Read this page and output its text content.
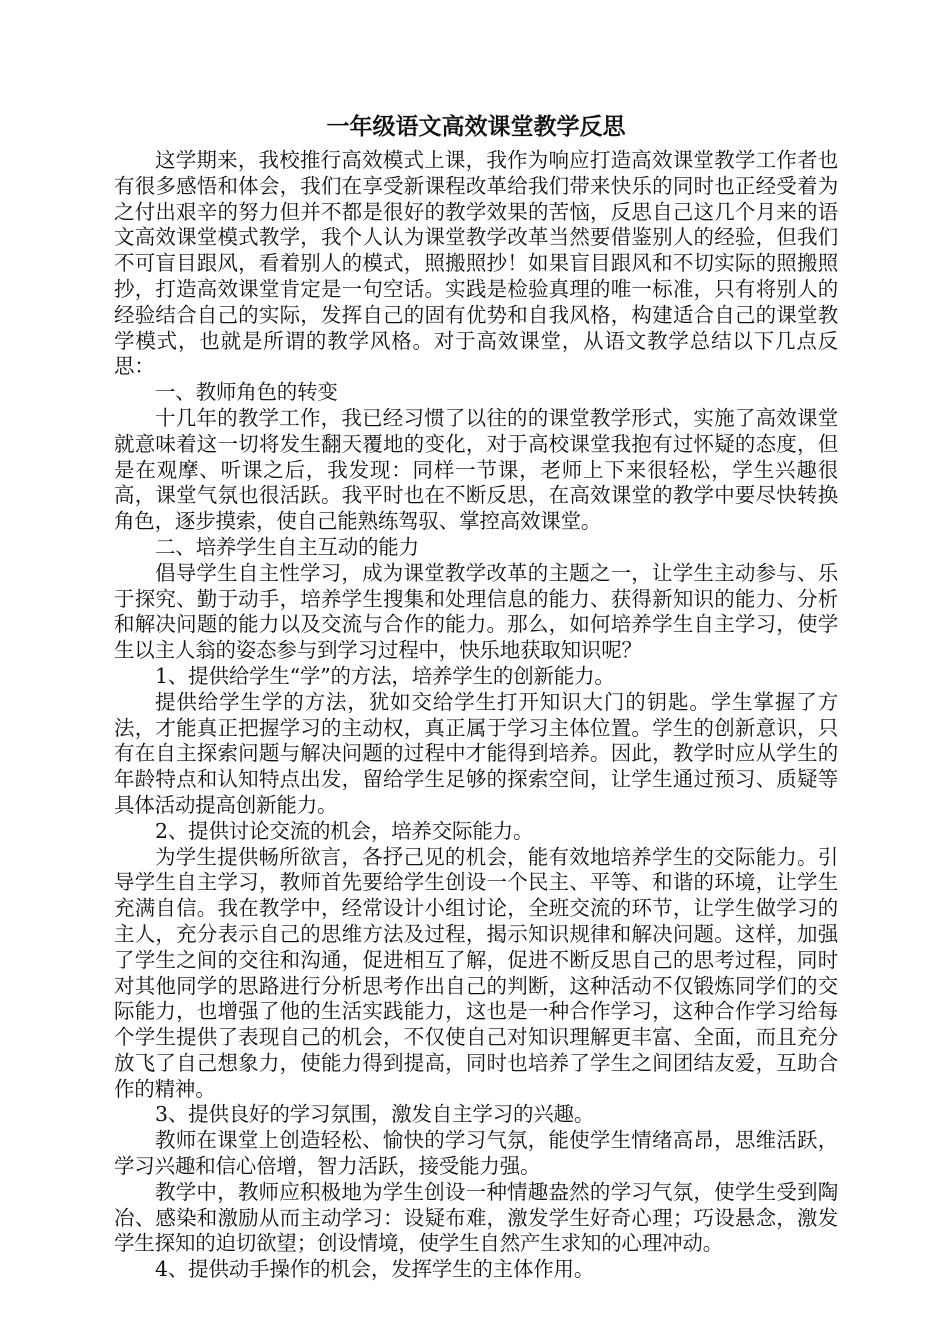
一年级语文高效课堂教学反思

这学期来，我校推行高效模式上课，我作为响应打造高效课堂教学工作者也有很多感悟和体会，我们在享受新课程改革给我们带来快乐的同时也正经受着为之付出艰辛的努力但并不都是很好的教学效果的苦恼，反思自己这几个月来的语文高效课堂模式教学，我个人认为课堂教学改革当然要借鉴别人的经验，但我们不可盲目跟风，看着别人的模式，照搬照抄！如果盲目跟风和不切实际的照搬照抄，打造高效课堂肯定是一句空话。实践是检验真理的唯一标准，只有将别人的经验结合自己的实际，发挥自己的固有优势和自我风格，构建适合自己的课堂教学模式，也就是所谓的教学风格。对于高效课堂，从语文教学总结以下几点反思：

一、教师角色的转变

十几年的教学工作，我已经习惯了以往的的课堂教学形式，实施了高效课堂就意味着这一切将发生翻天覆地的变化，对于高校课堂我抱有过怀疑的态度，但是在观摩、听课之后，我发现：同样一节课，老师上下来很轻松，学生兴趣很高，课堂气氛也很活跃。我平时也在不断反思，在高效课堂的教学中要尽快转换角色，逐步摸索，使自己能熟练驾驭、掌控高效课堂。

二、培养学生自主互动的能力

倡导学生自主性学习，成为课堂教学改革的主题之一，让学生主动参与、乐于探究、勤于动手，培养学生搜集和处理信息的能力、获得新知识的能力、分析和解决问题的能力以及交流与合作的能力。那么，如何培养学生自主学习，使学生以主人翁的姿态参与到学习过程中，快乐地获取知识呢？

1、提供给学生“学”的方法，培养学生的创新能力。

提供给学生学的方法，犹如交给学生打开知识大门的钥匙。学生掌握了方法，才能真正把握学习的主动权，真正属于学习主体位置。学生的创新意识，只有在自主探索问题与解决问题的过程中才能得到培养。因此，教学时应从学生的年龄特点和认知特点出发，留给学生足够的探索空间，让学生通过预习、质疑等具体活动提高创新能力。

2、提供讨论交流的机会，培养交际能力。

为学生提供畅所欲言，各抒己见的机会，能有效地培养学生的交际能力。引导学生自主学习，教师首先要给学生创设一个民主、平等、和谐的环境，让学生充满自信。我在教学中，经常设计小组讨论，全班交流的环节，让学生做学习的主人，充分表示自己的思维方法及过程，揭示知识规律和解决问题。这样，加强了学生之间的交往和沟通，促进相互了解，促进不断反思自己的思考过程，同时对其他同学的思路进行分析思考作出自己的判断，这种活动不仅锻炼同学们的交际能力，也增强了他的生活实践能力，这也是一种合作学习，这种合作学习给每个学生提供了表现自己的机会，不仅使自己对知识理解更丰富、全面，而且充分放飞了自己想象力，使能力得到提高，同时也培养了学生之间团结友爱，互助合作的精神。

3、提供良好的学习氛围，激发自主学习的兴趣。

教师在课堂上创造轻松、愉快的学习气氛，能使学生情绪高昂，思维活跃，学习兴趣和信心倍增，智力活跃，接受能力强。

教学中，教师应积极地为学生创设一种情趣盎然的学习气氛，使学生受到陶冶、感染和激励从而主动学习：设疑布难，激发学生好奇心理；巧设悬念，激发学生探知的迫切欲望；创设情境，使学生自然产生求知的心理冲动。

4、提供动手操作的机会，发挥学生的主体作用。
